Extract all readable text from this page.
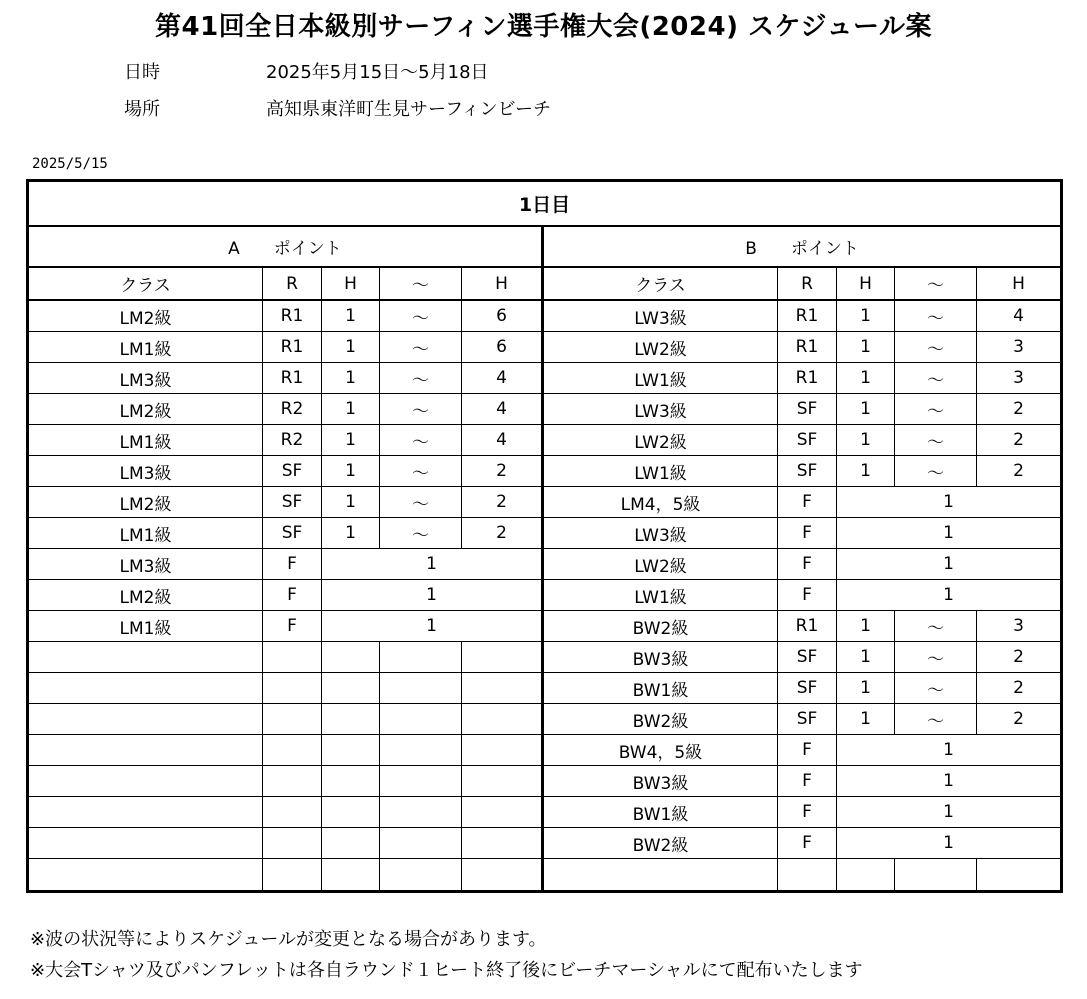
第41回全日本級別サーフィン選手権大会(2024) スケジュール案
日時	2025年5月15日～5月18日
場所	高知県東洋町生見サーフィンビーチ
2025/5/15
1日目									
A　　ポイント					B　　ポイント				
クラス	R	H	～	H	クラス	R	H	～	H
LM2級	R1	1	～	6	LW3級	R1	1	～	4
LM1級	R1	1	～	6	LW2級	R1	1	～	3
LM3級	R1	1	～	4	LW1級	R1	1	～	3
LM2級	R2	1	～	4	LW3級	SF	1	～	2
LM1級	R2	1	～	4	LW2級	SF	1	～	2
LM3級	SF	1	～	2	LW1級	SF	1	～	2
LM2級	SF	1	～	2	LM4，5級	F	1		
LM1級	SF	1	～	2	LW3級	F	1		
LM3級	F	1			LW2級	F	1		
LM2級	F	1			LW1級	F	1		
LM1級	F	1			BW2級	R1	1	～	3
					BW3級	SF	1	～	2
					BW1級	SF	1	～	2
					BW2級	SF	1	～	2
					BW4，5級	F	1		
					BW3級	F	1		
					BW1級	F	1		
					BW2級	F	1		

※波の状況等によりスケジュールが変更となる場合があります。
※大会Tシャツ及びパンフレットは各自ラウンド１ヒート終了後にビーチマーシャルにて配布いたします
